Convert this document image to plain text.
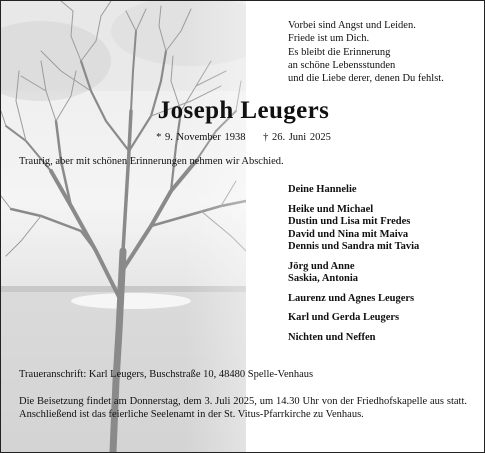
Vorbei sind Angst und Leiden.
Friede ist um Dich.
Es bleibt die Erinnerung
an schöne Lebensstunden
und die Liebe derer, denen Du fehlst.
Joseph Leugers
* 9. November 1938 † 26. Juni 2025
Traurig, aber mit schönen Erinnerungen nehmen wir Abschied.
Deine Hannelie
Heike und Michael
Dustin und Lisa mit Fredes
David und Nina mit Maiva
Dennis und Sandra mit Tavia
Jörg und Anne
Saskia, Antonia
Laurenz und Agnes Leugers
Karl und Gerda Leugers
Nichten und Neffen
Traueranschrift: Karl Leugers, Buschstraße 10, 48480 Spelle-Venhaus
Die Beisetzung findet am Donnerstag, dem 3. Juli 2025, um 14.30 Uhr von der Friedhofskapelle aus statt. Anschließend ist das feierliche Seelenamt in der St. Vitus-Pfarrkirche zu Venhaus.
